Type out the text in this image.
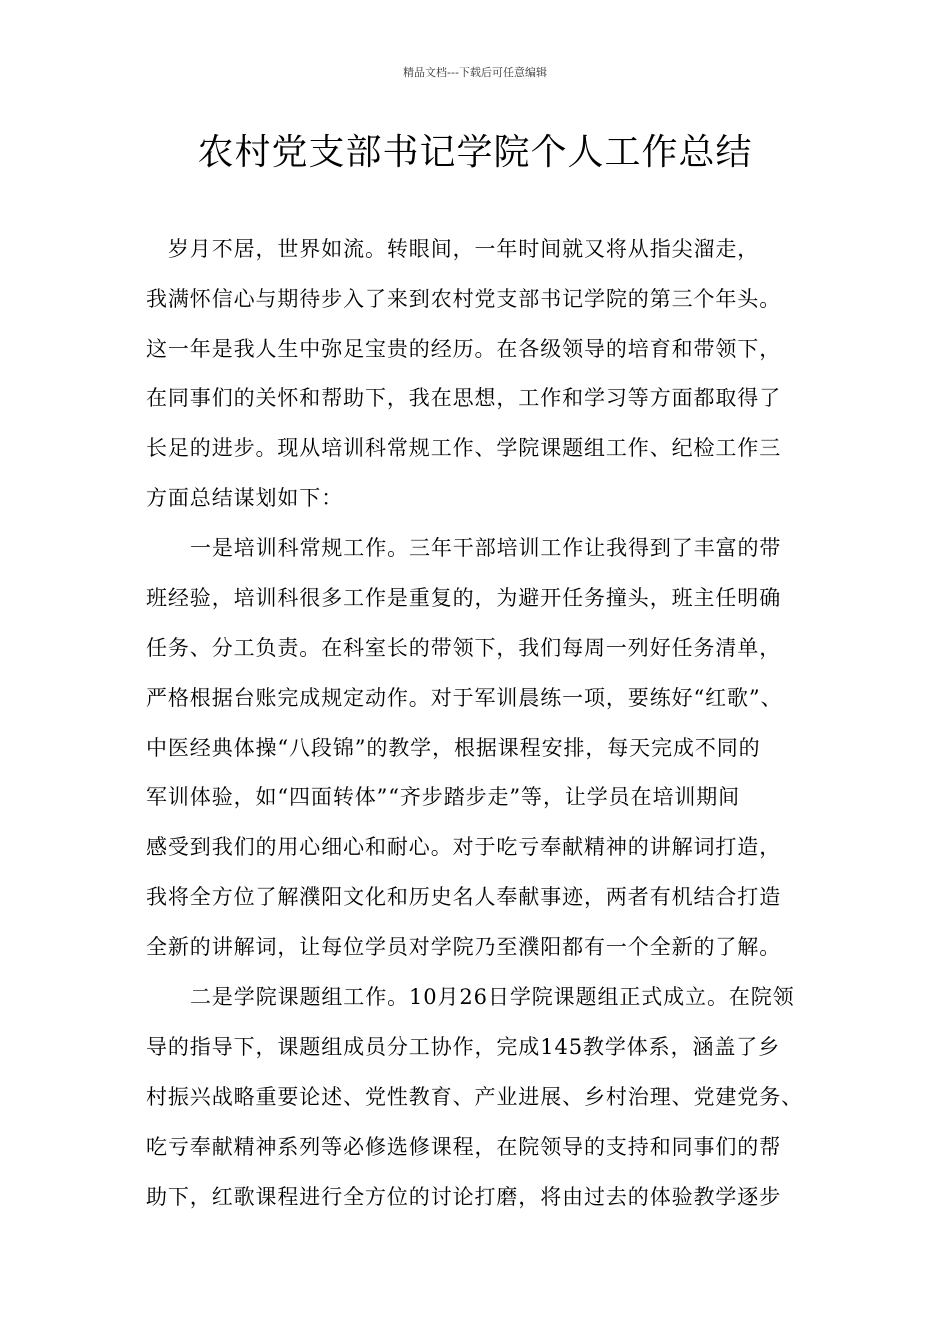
精品文档---下载后可任意编辑
农村党支部书记学院个人工作总结
　岁月不居，世界如流。转眼间，一年时间就又将从指尖溜走，
我满怀信心与期待步入了来到农村党支部书记学院的第三个年头。
这一年是我人生中弥足宝贵的经历。在各级领导的培育和带领下，
在同事们的关怀和帮助下，我在思想，工作和学习等方面都取得了
长足的进步。现从培训科常规工作、学院课题组工作、纪检工作三
方面总结谋划如下：
一是培训科常规工作。三年干部培训工作让我得到了丰富的带
班经验，培训科很多工作是重复的，为避开任务撞头，班主任明确
任务、分工负责。在科室长的带领下，我们每周一列好任务清单，
严格根据台账完成规定动作。对于军训晨练一项，要练好“红歌”、
中医经典体操“八段锦”的教学，根据课程安排，每天完成不同的
军训体验，如“四面转体”“齐步踏步走”等，让学员在培训期间
感受到我们的用心细心和耐心。对于吃亏奉献精神的讲解词打造，
我将全方位了解濮阳文化和历史名人奉献事迹，两者有机结合打造
全新的讲解词，让每位学员对学院乃至濮阳都有一个全新的了解。
二是学院课题组工作。10月26日学院课题组正式成立。在院领
导的指导下，课题组成员分工协作，完成145教学体系，涵盖了乡
村振兴战略重要论述、党性教育、产业进展、乡村治理、党建党务、
吃亏奉献精神系列等必修选修课程，在院领导的支持和同事们的帮
助下，红歌课程进行全方位的讨论打磨，将由过去的体验教学逐步
